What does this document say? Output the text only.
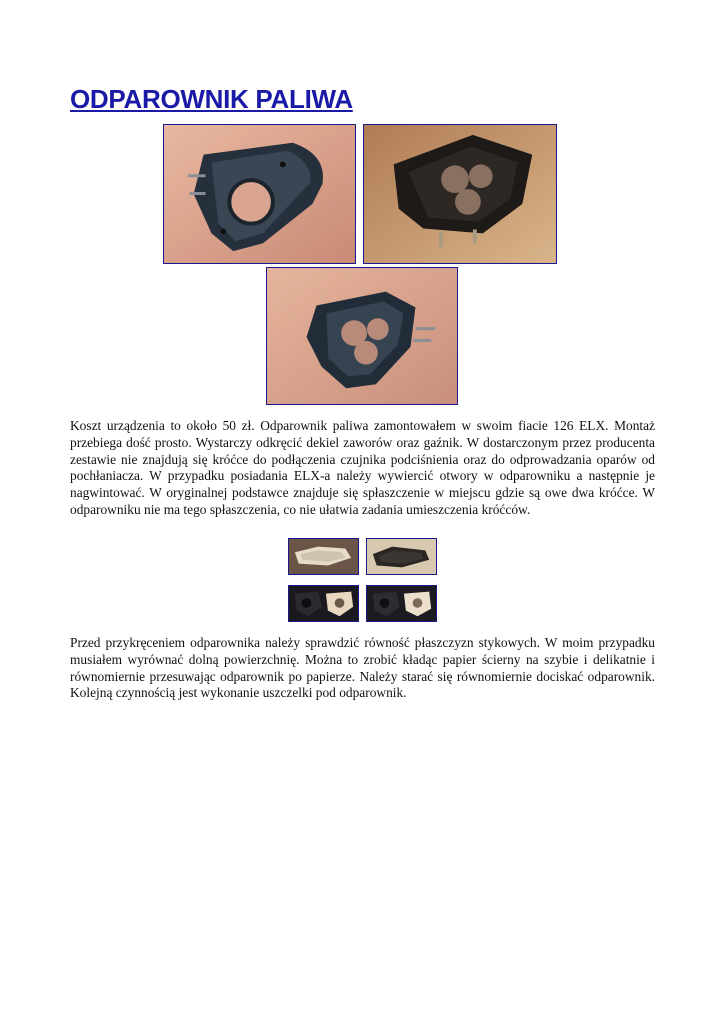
ODPAROWNIK PALIWA

Koszt urządzenia to około 50 zł. Odparownik paliwa zamontowałem w swoim fiacie 126 ELX. Montaż przebiega dość prosto. Wystarczy odkręcić dekiel zaworów oraz gaźnik. W dostarczonym przez producenta zestawie nie znajdują się króćce do podłączenia czujnika podciśnienia oraz do odprowadzania oparów od pochłaniacza. W przypadku posiadania ELX-a należy wywiercić otwory w odparowniku a następnie je nagwintować. W oryginalnej podstawce znajduje się spłaszczenie w miejscu gdzie są owe dwa króćce. W odparowniku nie ma tego spłaszczenia, co nie ułatwia zadania umieszczenia króćców.

Przed przykręceniem odparownika należy sprawdzić równość płaszczyzn stykowych. W moim przypadku musiałem wyrównać dolną powierzchnię. Można to zrobić kładąc papier ścierny na szybie i delikatnie i równomiernie przesuwając odparownik po papierze. Należy starać się równomiernie dociskać odparownik. Kolejną czynnością jest wykonanie uszczelki pod odparownik.
